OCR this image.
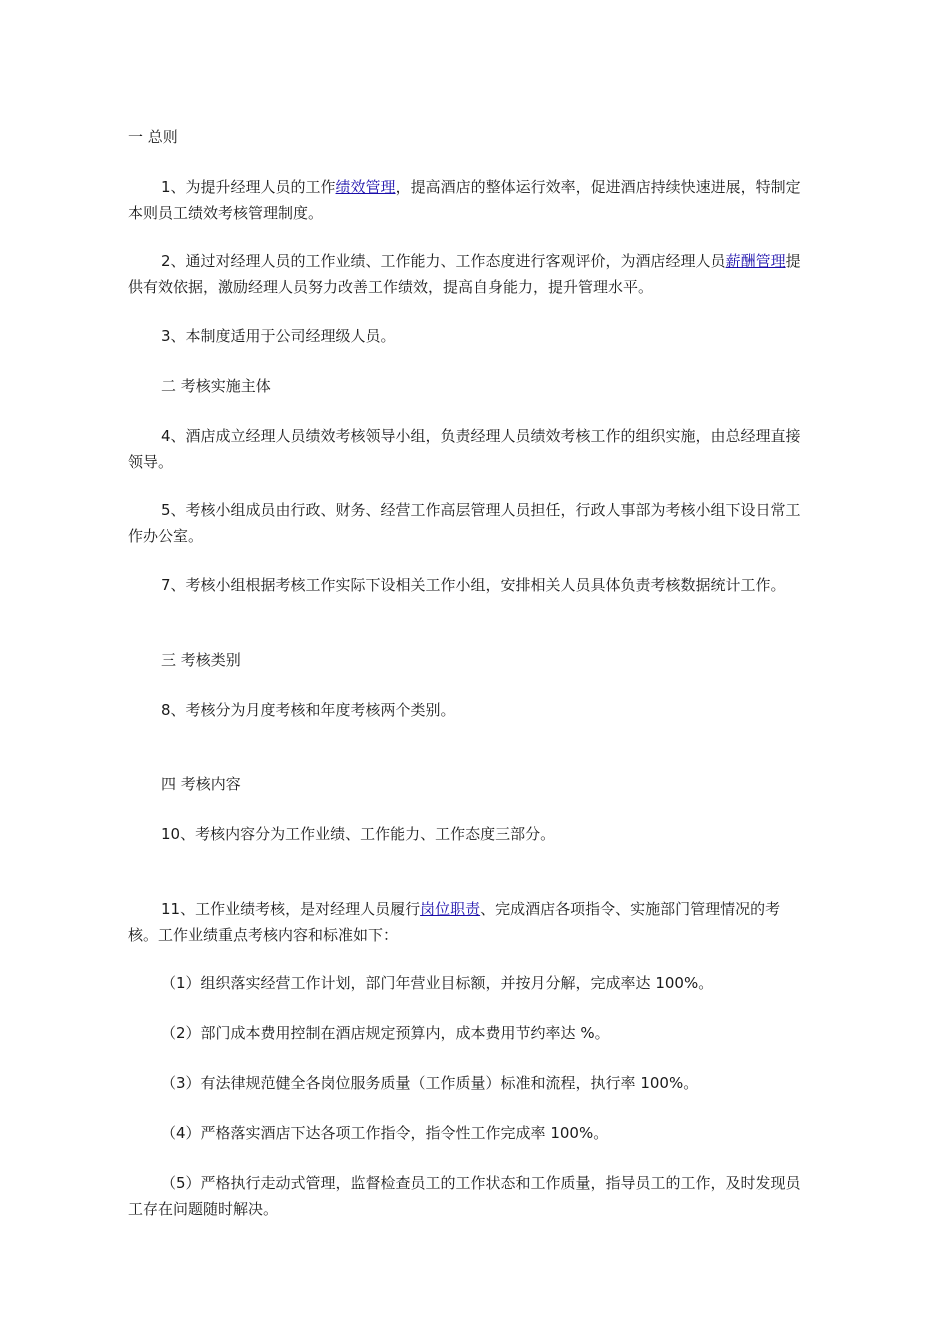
一 总则

1、为提升经理人员的工作绩效管理，提高酒店的整体运行效率，促进酒店持续快速进展，特制定本则员工绩效考核管理制度。

2、通过对经理人员的工作业绩、工作能力、工作态度进行客观评价，为酒店经理人员薪酬管理提供有效依据，激励经理人员努力改善工作绩效，提高自身能力，提升管理水平。

3、本制度适用于公司经理级人员。

二 考核实施主体

4、酒店成立经理人员绩效考核领导小组，负责经理人员绩效考核工作的组织实施，由总经理直接领导。

5、考核小组成员由行政、财务、经营工作高层管理人员担任，行政人事部为考核小组下设日常工作办公室。

7、考核小组根据考核工作实际下设相关工作小组，安排相关人员具体负责考核数据统计工作。

三 考核类别

8、考核分为月度考核和年度考核两个类别。

四 考核内容

10、考核内容分为工作业绩、工作能力、工作态度三部分。

11、工作业绩考核，是对经理人员履行岗位职责、完成酒店各项指令、实施部门管理情况的考核。工作业绩重点考核内容和标准如下：

（1）组织落实经营工作计划，部门年营业目标额，并按月分解，完成率达 100%。

（2）部门成本费用控制在酒店规定预算内，成本费用节约率达 %。

（3）有法律规范健全各岗位服务质量（工作质量）标准和流程，执行率 100%。

（4）严格落实酒店下达各项工作指令，指令性工作完成率 100%。

（5）严格执行走动式管理，监督检查员工的工作状态和工作质量，指导员工的工作，及时发现员工存在问题随时解决。
